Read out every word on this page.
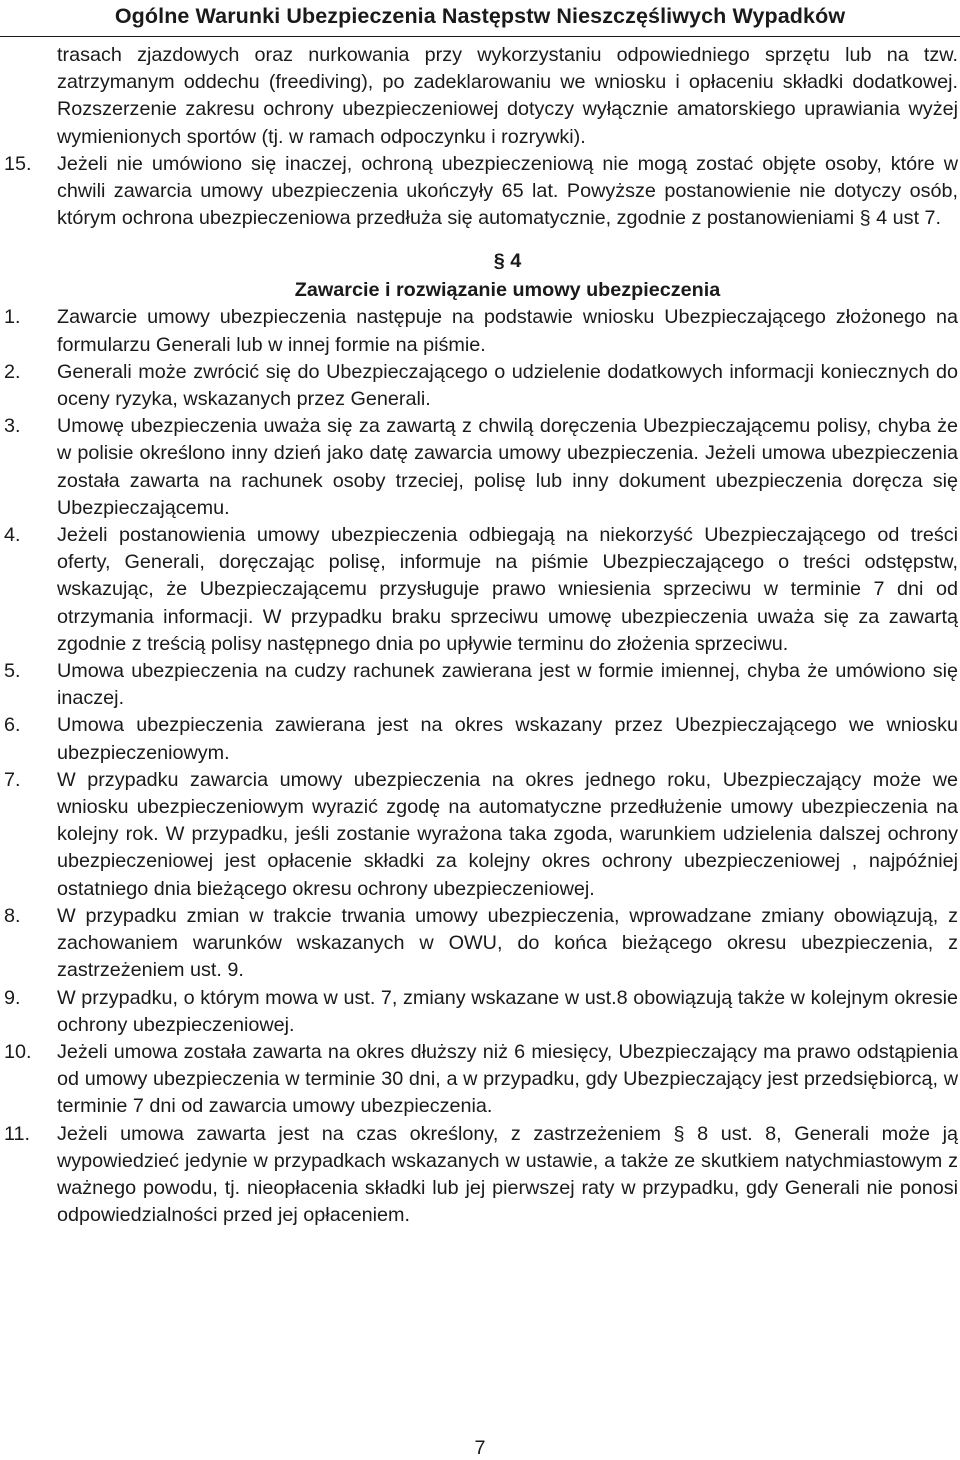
Ogólne Warunki Ubezpieczenia Następstw Nieszczęśliwych Wypadków
trasach zjazdowych oraz nurkowania przy wykorzystaniu odpowiedniego sprzętu lub na tzw. zatrzymanym oddechu (freediving), po zadeklarowaniu we wniosku i opłaceniu składki dodatkowej. Rozszerzenie zakresu ochrony ubezpieczeniowej dotyczy wyłącznie amatorskiego uprawiania wyżej wymienionych sportów (tj. w ramach odpoczynku i rozrywki).
15. Jeżeli nie umówiono się inaczej, ochroną ubezpieczeniową nie mogą zostać objęte osoby, które w chwili zawarcia umowy ubezpieczenia ukończyły 65 lat. Powyższe postanowienie nie dotyczy osób, którym ochrona ubezpieczeniowa przedłuża się automatycznie, zgodnie z postanowieniami § 4 ust 7.
§ 4
Zawarcie i rozwiązanie umowy ubezpieczenia
1. Zawarcie umowy ubezpieczenia następuje na podstawie wniosku Ubezpieczającego złożonego na formularzu Generali lub w innej formie na piśmie.
2. Generali może zwrócić się do Ubezpieczającego o udzielenie dodatkowych informacji koniecznych do oceny ryzyka, wskazanych przez Generali.
3. Umowę ubezpieczenia uważa się za zawartą z chwilą doręczenia Ubezpieczającemu polisy, chyba że w polisie określono inny dzień jako datę zawarcia umowy ubezpieczenia. Jeżeli umowa ubezpieczenia została zawarta na rachunek osoby trzeciej, polisę lub inny dokument ubezpieczenia doręcza się Ubezpieczającemu.
4. Jeżeli postanowienia umowy ubezpieczenia odbiegają na niekorzyść Ubezpieczającego od treści oferty, Generali, doręczając polisę, informuje na piśmie Ubezpieczającego o treści odstępstw, wskazując, że Ubezpieczającemu przysługuje prawo wniesienia sprzeciwu w terminie 7 dni od otrzymania informacji. W przypadku braku sprzeciwu umowę ubezpieczenia uważa się za zawartą zgodnie z treścią polisy następnego dnia po upływie terminu do złożenia sprzeciwu.
5. Umowa ubezpieczenia na cudzy rachunek zawierana jest w formie imiennej, chyba że umówiono się inaczej.
6. Umowa ubezpieczenia zawierana jest na okres wskazany przez Ubezpieczającego we wniosku ubezpieczeniowym.
7. W przypadku zawarcia umowy ubezpieczenia na okres jednego roku, Ubezpieczający może we wniosku ubezpieczeniowym wyrazić zgodę na automatyczne przedłużenie umowy ubezpieczenia na kolejny rok. W przypadku, jeśli zostanie wyrażona taka zgoda, warunkiem udzielenia dalszej ochrony ubezpieczeniowej jest opłacenie składki za kolejny okres ochrony ubezpieczeniowej , najpóźniej ostatniego dnia bieżącego okresu ochrony ubezpieczeniowej.
8. W przypadku zmian w trakcie trwania umowy ubezpieczenia, wprowadzane zmiany obowiązują, z zachowaniem warunków wskazanych w OWU, do końca bieżącego okresu ubezpieczenia, z zastrzeżeniem ust. 9.
9. W przypadku, o którym mowa w ust. 7, zmiany wskazane w ust.8 obowiązują także w kolejnym okresie ochrony ubezpieczeniowej.
10. Jeżeli umowa została zawarta na okres dłuższy niż 6 miesięcy, Ubezpieczający ma prawo odstąpienia od umowy ubezpieczenia w terminie 30 dni, a w przypadku, gdy Ubezpieczający jest przedsiębiorcą, w terminie 7 dni od zawarcia umowy ubezpieczenia.
11. Jeżeli umowa zawarta jest na czas określony, z zastrzeżeniem § 8 ust. 8, Generali może ją wypowiedzieć jedynie w przypadkach wskazanych w ustawie, a także ze skutkiem natychmiastowym z ważnego powodu, tj. nieopłacenia składki lub jej pierwszej raty w przypadku, gdy Generali nie ponosi odpowiedzialności przed jej opłaceniem.
7
